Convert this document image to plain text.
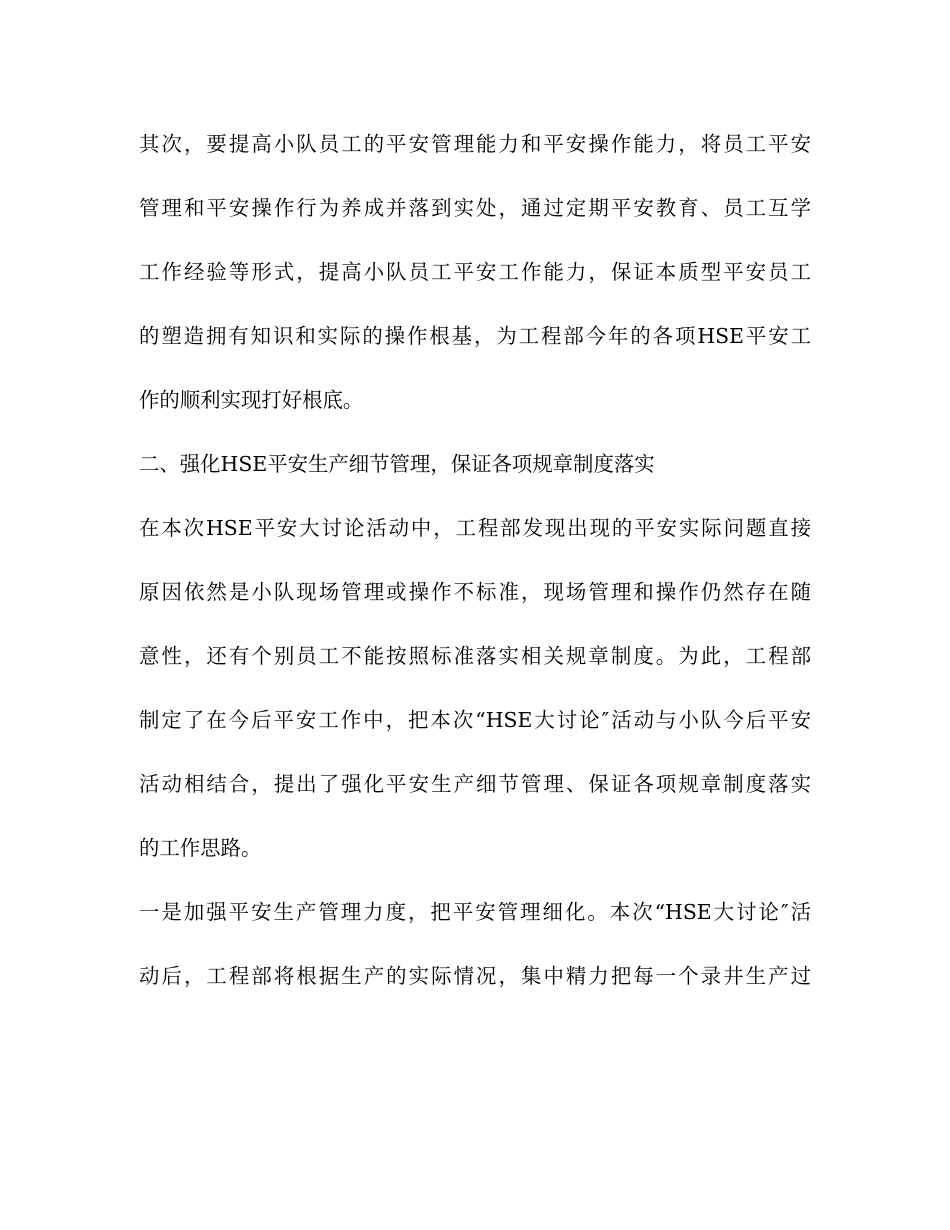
其次，要提高小队员工的平安管理能力和平安操作能力，将员工平安
管理和平安操作行为养成并落到实处，通过定期平安教育、员工互学
工作经验等形式，提高小队员工平安工作能力，保证本质型平安员工
的塑造拥有知识和实际的操作根基，为工程部今年的各项HSE平安工
作的顺利实现打好根底。
二、强化HSE平安生产细节管理，保证各项规章制度落实
在本次HSE平安大讨论活动中，工程部发现出现的平安实际问题直接
原因依然是小队现场管理或操作不标准，现场管理和操作仍然存在随
意性，还有个别员工不能按照标准落实相关规章制度。为此，工程部
制定了在今后平安工作中，把本次“HSE大讨论″活动与小队今后平安
活动相结合，提出了强化平安生产细节管理、保证各项规章制度落实
的工作思路。
一是加强平安生产管理力度，把平安管理细化。本次“HSE大讨论″活
动后，工程部将根据生产的实际情况，集中精力把每一个录井生产过
